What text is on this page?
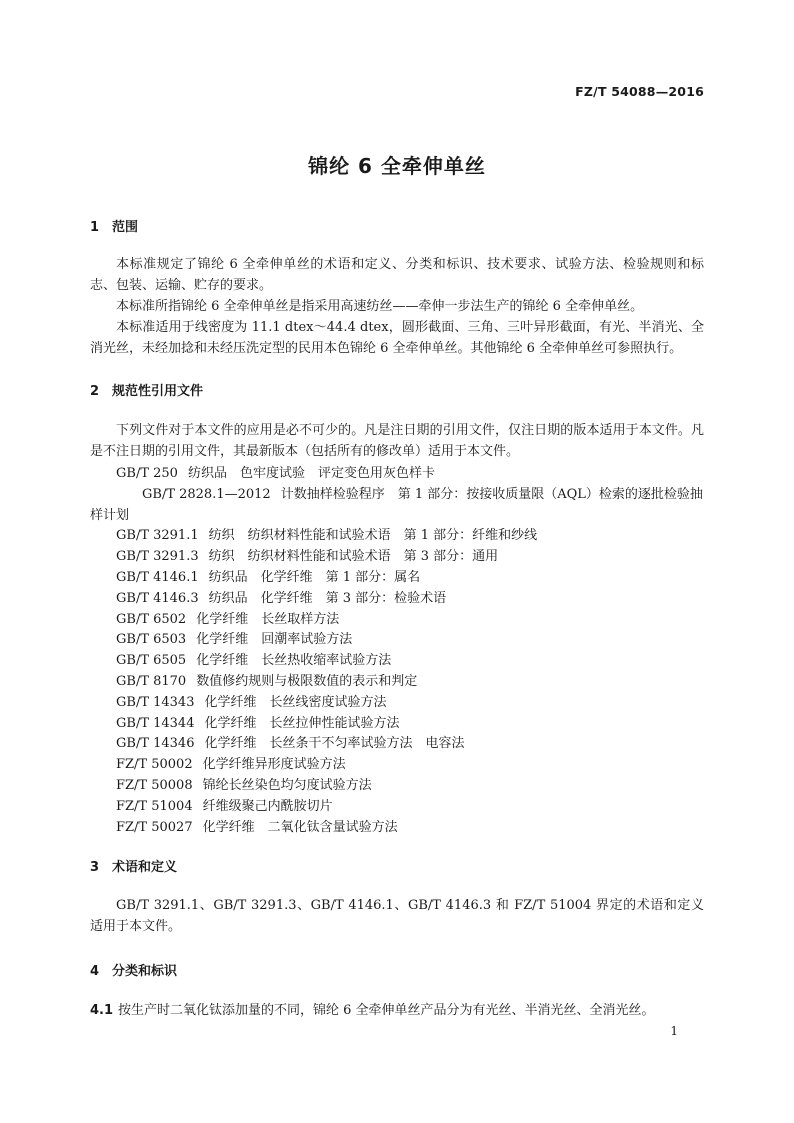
FZ/T 54088—2016
锦纶 6 全牵伸单丝
1 范围
本标准规定了锦纶 6 全牵伸单丝的术语和定义、分类和标识、技术要求、试验方法、检验规则和标志、包装、运输、贮存的要求。
本标准所指锦纶 6 全牵伸单丝是指采用高速纺丝——牵伸一步法生产的锦纶 6 全牵伸单丝。
本标准适用于线密度为 11.1 dtex～44.4 dtex，圆形截面、三角、三叶异形截面，有光、半消光、全消光丝，未经加捻和未经压洗定型的民用本色锦纶 6 全牵伸单丝。其他锦纶 6 全牵伸单丝可参照执行。
2 规范性引用文件
下列文件对于本文件的应用是必不可少的。凡是注日期的引用文件，仅注日期的版本适用于本文件。凡是不注日期的引用文件，其最新版本（包括所有的修改单）适用于本文件。
GB/T 250 纺织品　色牢度试验　评定变色用灰色样卡
GB/T 2828.1—2012 计数抽样检验程序　第 1 部分：按接收质量限（AQL）检索的逐批检验抽样计划
GB/T 3291.1 纺织　纺织材料性能和试验术语　第 1 部分：纤维和纱线
GB/T 3291.3 纺织　纺织材料性能和试验术语　第 3 部分：通用
GB/T 4146.1 纺织品　化学纤维　第 1 部分：属名
GB/T 4146.3 纺织品　化学纤维　第 3 部分：检验术语
GB/T 6502 化学纤维　长丝取样方法
GB/T 6503 化学纤维　回潮率试验方法
GB/T 6505 化学纤维　长丝热收缩率试验方法
GB/T 8170 数值修约规则与极限数值的表示和判定
GB/T 14343 化学纤维　长丝线密度试验方法
GB/T 14344 化学纤维　长丝拉伸性能试验方法
GB/T 14346 化学纤维　长丝条干不匀率试验方法　电容法
FZ/T 50002 化学纤维异形度试验方法
FZ/T 50008 锦纶长丝染色均匀度试验方法
FZ/T 51004 纤维级聚己内酰胺切片
FZ/T 50027 化学纤维　二氧化钛含量试验方法
3 术语和定义
GB/T 3291.1、GB/T 3291.3、GB/T 4146.1、GB/T 4146.3 和 FZ/T 51004 界定的术语和定义适用于本文件。
4 分类和标识
4.1 按生产时二氧化钛添加量的不同，锦纶 6 全牵伸单丝产品分为有光丝、半消光丝、全消光丝。
1
